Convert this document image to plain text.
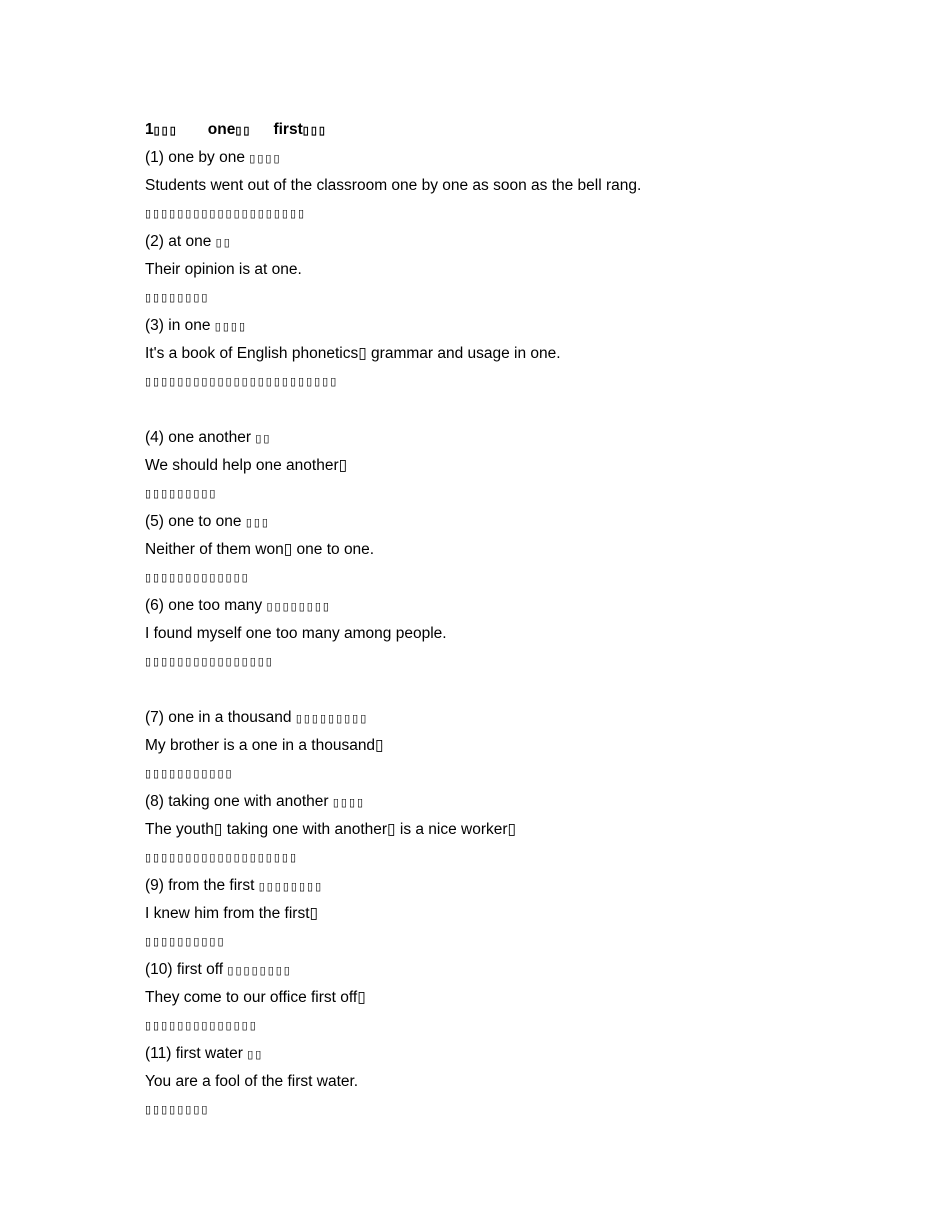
1▯▯▯ one▯▯ first▯▯▯
(1) one by one ▯▯▯▯
Students went out of the classroom one by one as soon as the bell rang.
▯▯▯▯▯▯▯▯▯▯▯▯▯▯▯▯▯▯▯▯
(2) at one ▯▯
Their opinion is at one.
▯▯▯▯▯▯▯▯
(3) in one ▯▯▯▯
It's a book of English phonetics▯ grammar and usage in one.
▯▯▯▯▯▯▯▯▯▯▯▯▯▯▯▯▯▯▯▯▯▯▯▯
(4) one another ▯▯
We should help one another▯
▯▯▯▯▯▯▯▯▯
(5) one to one ▯▯▯
Neither of them won▯ one to one.
▯▯▯▯▯▯▯▯▯▯▯▯▯
(6) one too many ▯▯▯▯▯▯▯▯
I found myself one too many among people.
▯▯▯▯▯▯▯▯▯▯▯▯▯▯▯▯
(7) one in a thousand ▯▯▯▯▯▯▯▯▯
My brother is a one in a thousand▯
▯▯▯▯▯▯▯▯▯▯▯
(8) taking one with another ▯▯▯▯
The youth▯ taking one with another▯ is a nice worker▯
▯▯▯▯▯▯▯▯▯▯▯▯▯▯▯▯▯▯▯
(9) from the first ▯▯▯▯▯▯▯▯
I knew him from the first▯
▯▯▯▯▯▯▯▯▯▯
(10) first off ▯▯▯▯▯▯▯▯
They come to our office first off▯
▯▯▯▯▯▯▯▯▯▯▯▯▯▯
(11) first water ▯▯
You are a fool of the first water.
▯▯▯▯▯▯▯▯
